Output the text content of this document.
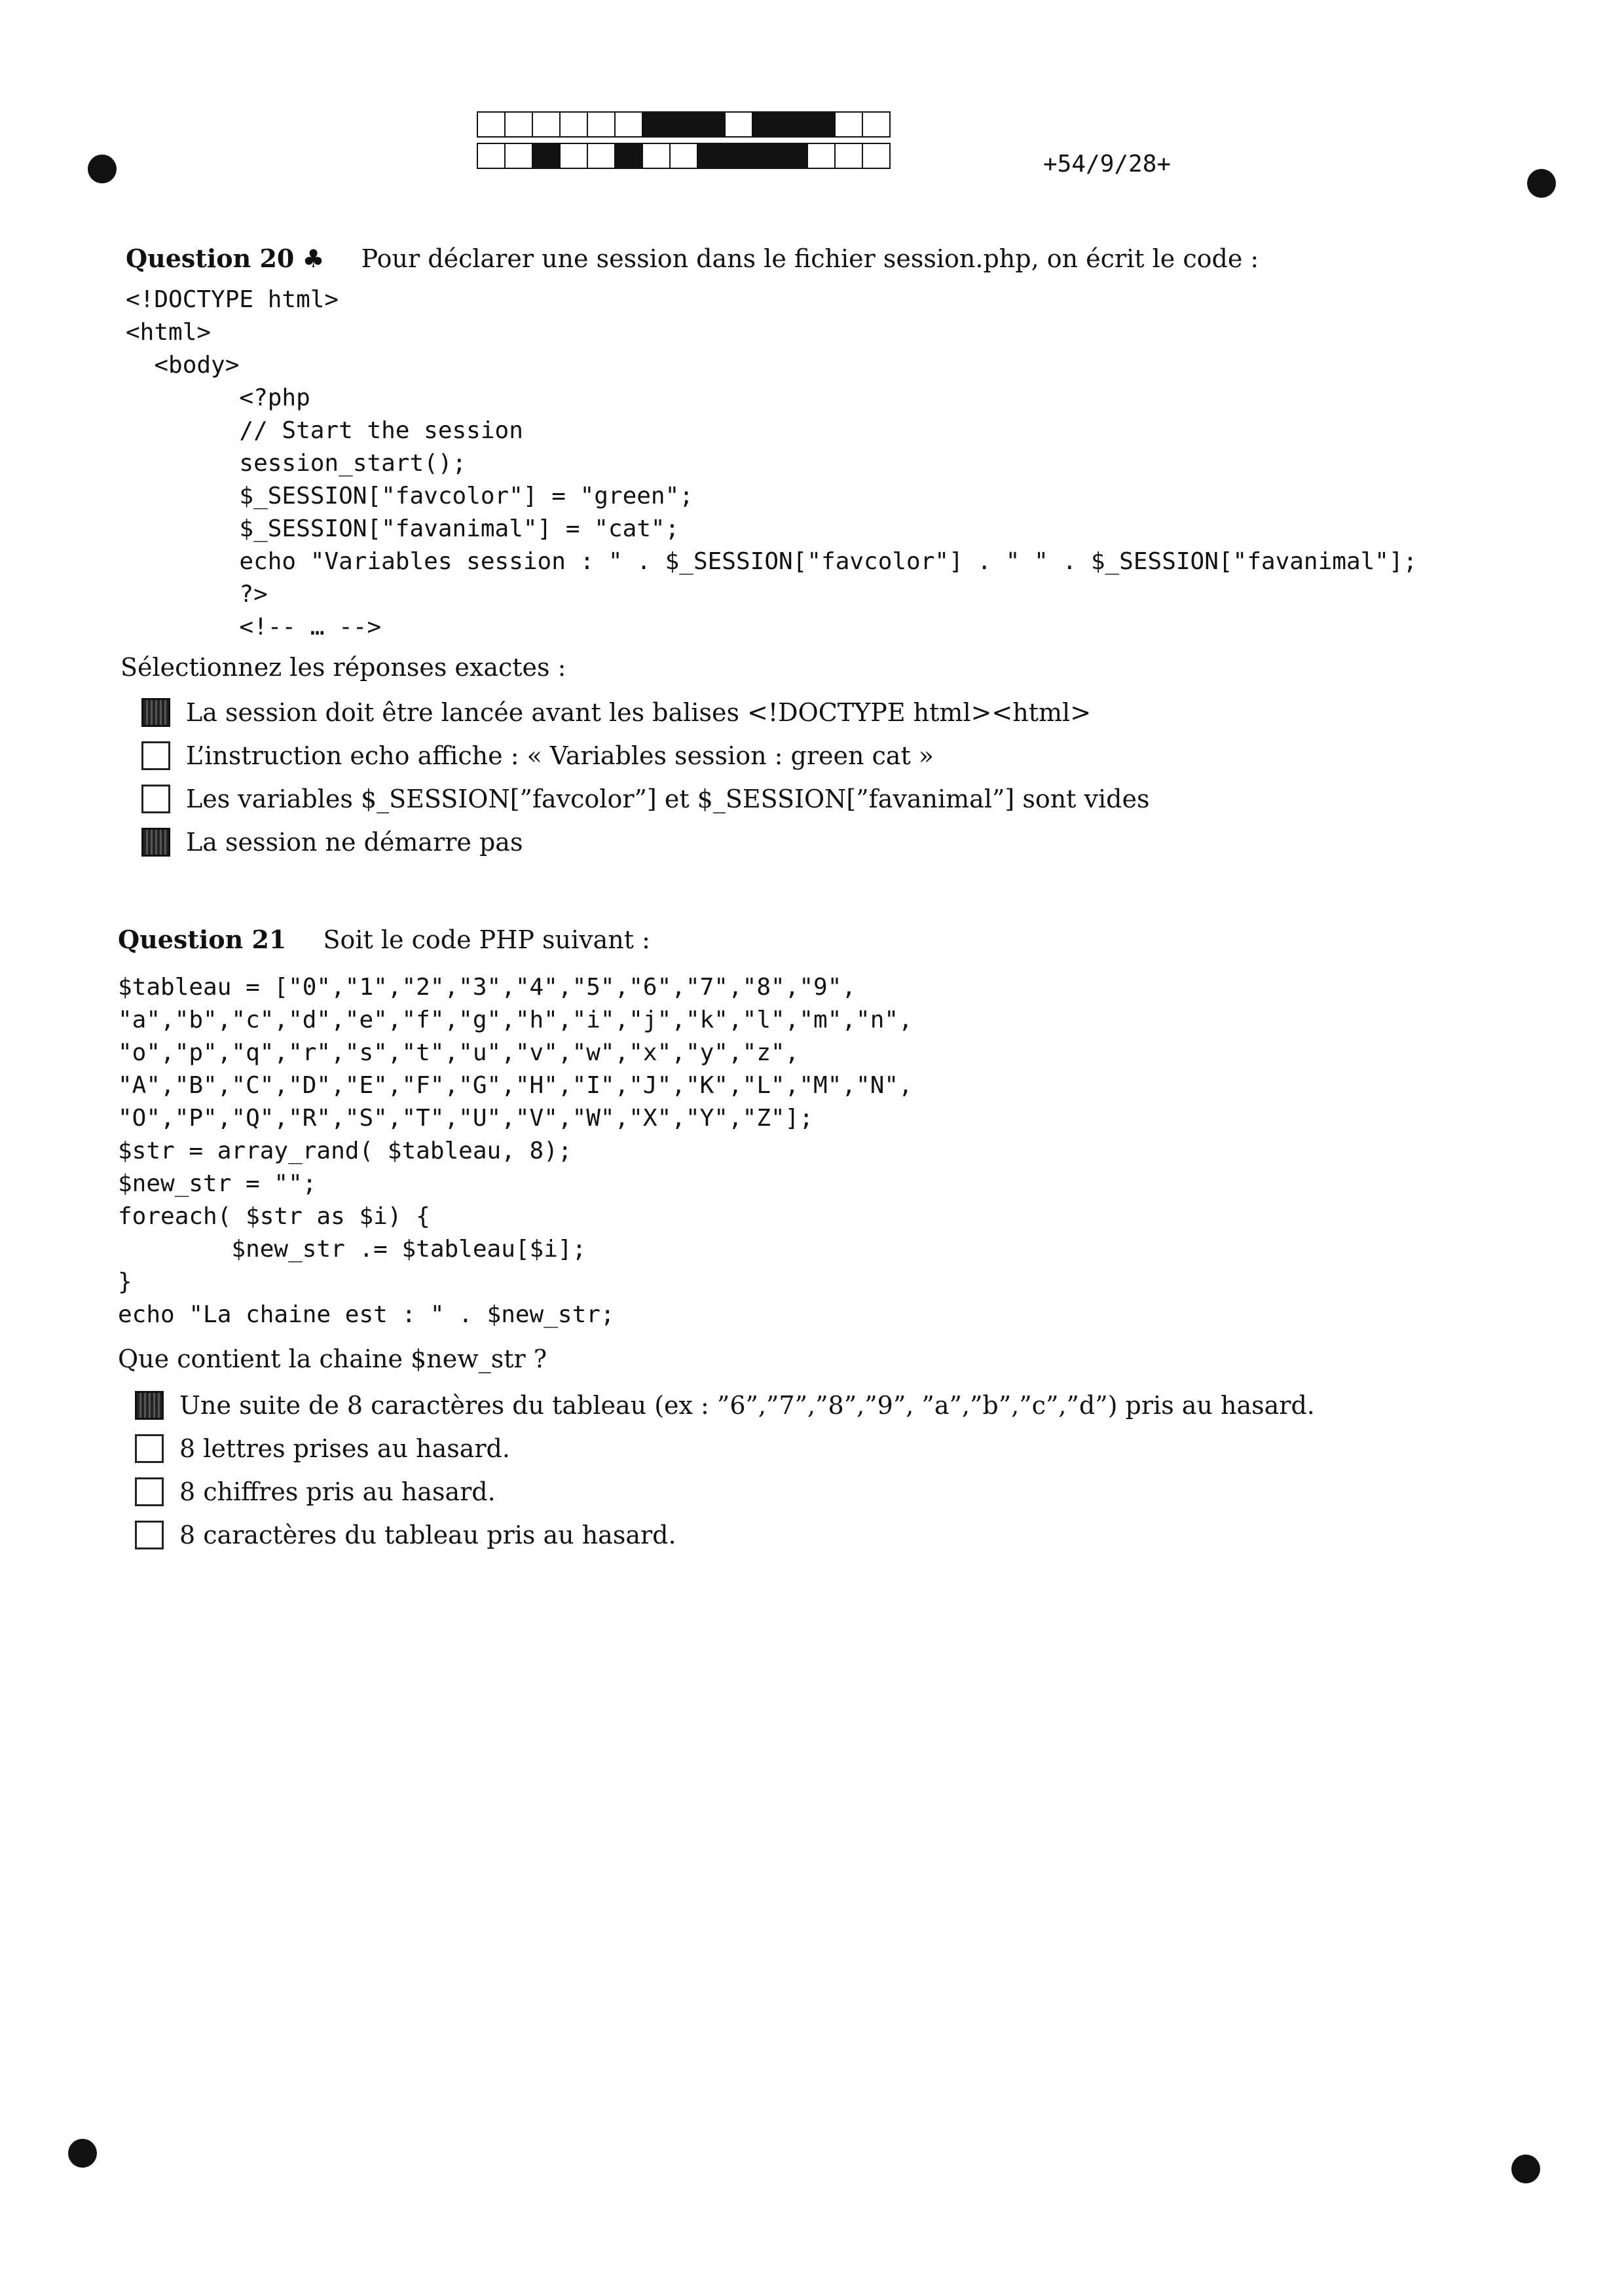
+54/9/28+
Question 20 ♣ Pour déclarer une session dans le fichier session.php, on écrit le code :
<!DOCTYPE html>
<html>
<body>
<?php
// Start the session
session_start();
$_SESSION["favcolor"] = "green";
$_SESSION["favanimal"] = "cat";
echo "Variables session : " . $_SESSION["favcolor"] . " " . $_SESSION["favanimal"];
?>
<!-- … -->
Sélectionnez les réponses exactes :
La session doit être lancée avant les balises <!DOCTYPE html><html>
L’instruction echo affiche : « Variables session : green cat »
Les variables $_SESSION[”favcolor”] et $_SESSION[”favanimal”] sont vides
La session ne démarre pas
Question 21 Soit le code PHP suivant :
$tableau = ["0","1","2","3","4","5","6","7","8","9",
"a","b","c","d","e","f","g","h","i","j","k","l","m","n",
"o","p","q","r","s","t","u","v","w","x","y","z",
"A","B","C","D","E","F","G","H","I","J","K","L","M","N",
"O","P","Q","R","S","T","U","V","W","X","Y","Z"];
$str = array_rand( $tableau, 8);
$new_str = "";
foreach( $str as $i) {
$new_str .= $tableau[$i];
}
echo "La chaine est : " . $new_str;
Que contient la chaine $new_str ?
Une suite de 8 caractères du tableau (ex : ”6”,”7”,”8”,”9”, ”a”,”b”,”c”,”d”) pris au hasard.
8 lettres prises au hasard.
8 chiffres pris au hasard.
8 caractères du tableau pris au hasard.
